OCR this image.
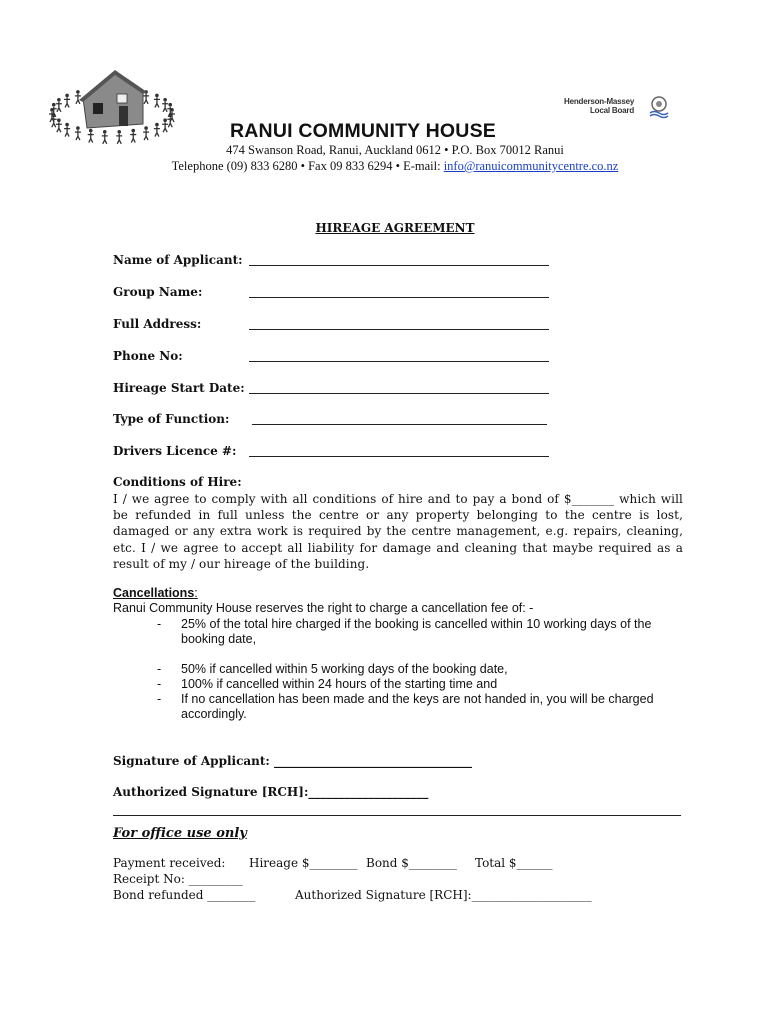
Henderson-Massey
Local Board
RANUI COMMUNITY HOUSE
474 Swanson Road, Ranui, Auckland 0612 • P.O. Box 70012 Ranui
Telephone (09) 833 6280 • Fax 09 833 6294 • E-mail: info@ranuicommunitycentre.co.nz
HIREAGE AGREEMENT
Name of Applicant:
Group Name:
Full Address:
Phone No:
Hireage Start Date:
Type of Function:
Drivers Licence #:
Conditions of Hire:
I / we agree to comply with all conditions of hire and to pay a bond of $_______ which will be refunded in full unless the centre or any property belonging to the centre is lost, damaged or any extra work is required by the centre management, e.g. repairs, cleaning, etc. I / we agree to accept all liability for damage and cleaning that maybe required as a result of my / our hireage of the building.
Cancellations:
Ranui Community House reserves the right to charge a cancellation fee of: -
- 25% of the total hire charged if the booking is cancelled within 10 working days of the   booking date,
- 50% if cancelled within 5 working days of the booking date,
- 100% if cancelled within 24 hours of the starting time and
- If no cancellation has been made and the keys are not handed in, you will be charged accordingly.
Signature of Applicant: _________________________________
Authorized Signature [RCH]:____________________
For office use only
Payment received: Hireage $________ Bond $________ Total $______
Receipt No: _________
Bond refunded ________	Authorized Signature [RCH]:____________________
